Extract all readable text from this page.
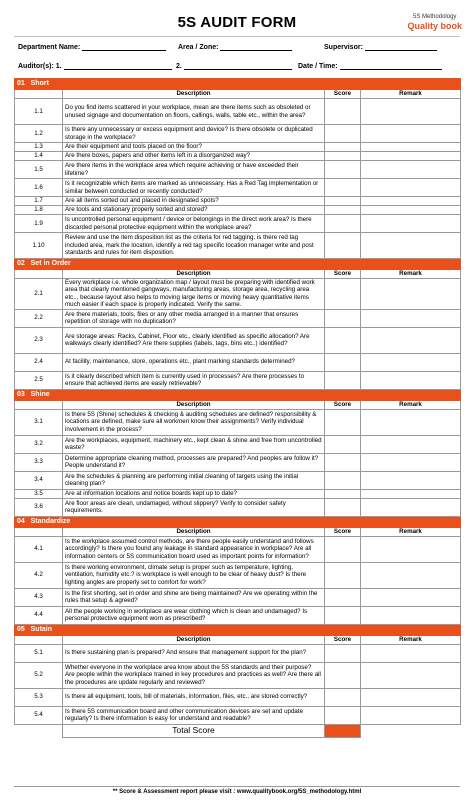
5S AUDIT FORM	5S Methodology
Quality book
Department Name:	Area / Zone:	Supervisor:
Auditor(s): 1.	2.	Date / Time:
01 Short			
	Description	Score	Remark
1.1	Do you find items scattered in your workplace, mean are there items such as obsoleted or unused signage and documentation on floors, callings, walls, table etc., within the area?		
1.2	Is there any unnecessary or excess equipment and device? Is there obsolete or duplicated storage in the workplace?		
1.3	Are their equipment and tools placed on the floor?		
1.4	Are there boxes, papers and other items left in a disorganized way?		
1.5	Are there items in the workplace area which require achieving or have exceeded their lifetime?		
1.6	Is it recognizable which items are marked as unnecessary. Has a Red Tag implementation or similar between conducted or recently conducted?		
1.7	Are all items sorted out and placed in designated spots?		
1.8	Are tools and stationary properly sorted and stored?		
1.9	Is uncontrolled personal equipment / device or belongings in the direct work area? Is there discarded personal protective equipment within the workplace area?		
1.10	Review and use the item disposition list as the criteria for red tagging, is there red tag included area, mark the location, identify a red tag specific location manager write and post standards and rules for item disposition.		
02 Set in Order			
	Description	Score	Remark
2.1	Every workplace i.e. whole organization map / layout must be preparing with identified work area that clearly mentioned gangways, manufacturing areas, storage area, recycling area etc.., because layout also helps to moving large items or moving heavy quantitative items much easier if each space is properly indicated. Verify the same.		
2.2	Are there materials, tools, files or any other media arranged in a manner that ensures repetition of storage with no duplication?		
2.3	Are storage areas: Racks, Cabinet, Floor etc., clearly identified as specific allocation? Are walkways clearly identified? Are there supplies (labels, tags, bins etc..) identified?		
2.4	At facility, maintenance, store, operations etc., plant marking standards determined?		
2.5	Is it clearly described which item is currently used in processes? Are there processes to ensure that achieved items are easily retrievable?		
03 Shine			
	Description	Score	Remark
3.1	Is there 5S (Shine) schedules & checking & auditing schedules are defined? responsibility & locations are defined, make sure all workmen know their assignments? Verify individual involvement in the process?		
3.2	Are the workplaces, equipment, machinery etc., kept clean & shine and free from uncontrolled waste?		
3.3	Determine appropriate cleaning method, processes are prepared? And peoples are follow it? People understand it?		
3.4	Are the schedules & planning are performing initial cleaning of targets using the initial cleaning plan?		
3.5	Are at information locations and notice boards kept up to date?		
3.6	Are floor areas are clean, undamaged, without slippery? Verify to consider safety requirements.		
04 Standardize			
	Description	Score	Remark
4.1	Is the workplace assumed control methods, are there people easily understand and follows accordingly? Is there you found any leakage in standard appearance in workplace? Are all information centers or 5S communication board used as important points for information?		
4.2	Is there working environment, climate setup is proper such as temperature, lighting, ventilation, humidity etc.? is workplace is well enough to be clear of heavy dust? Is there lighting angles are properly set to comfort for work?		
4.3	Is the first shorting, set in order and shine are being maintained? Are we operating within the rules that setup & agreed?		
4.4	All the people working in workplace are wear clothing which is clean and undamaged? Is personal protective equipment worn as prescribed?		
05 Sutain			
	Description	Score	Remark
5.1	Is there sustaining plan is prepared? And ensure that management support for the plan?		
5.2	Whether everyone in the workplace area know about the 5S standards and their purpose? Are people within the workplace trained in key procedures and practices as well? Are there all the procedures are update regularly and reviewed?		
5.3	Is there all equipment, tools, bill of materials, information, files, etc., are stored correctly?		
5.4	Is there 5S communication board and other communication devices are set and update regularly? Is there information is easy for understand and readable?		
	Total Score		
** Score & Assessment report please visit : www.qualitybook.org/5S_methodology.html
